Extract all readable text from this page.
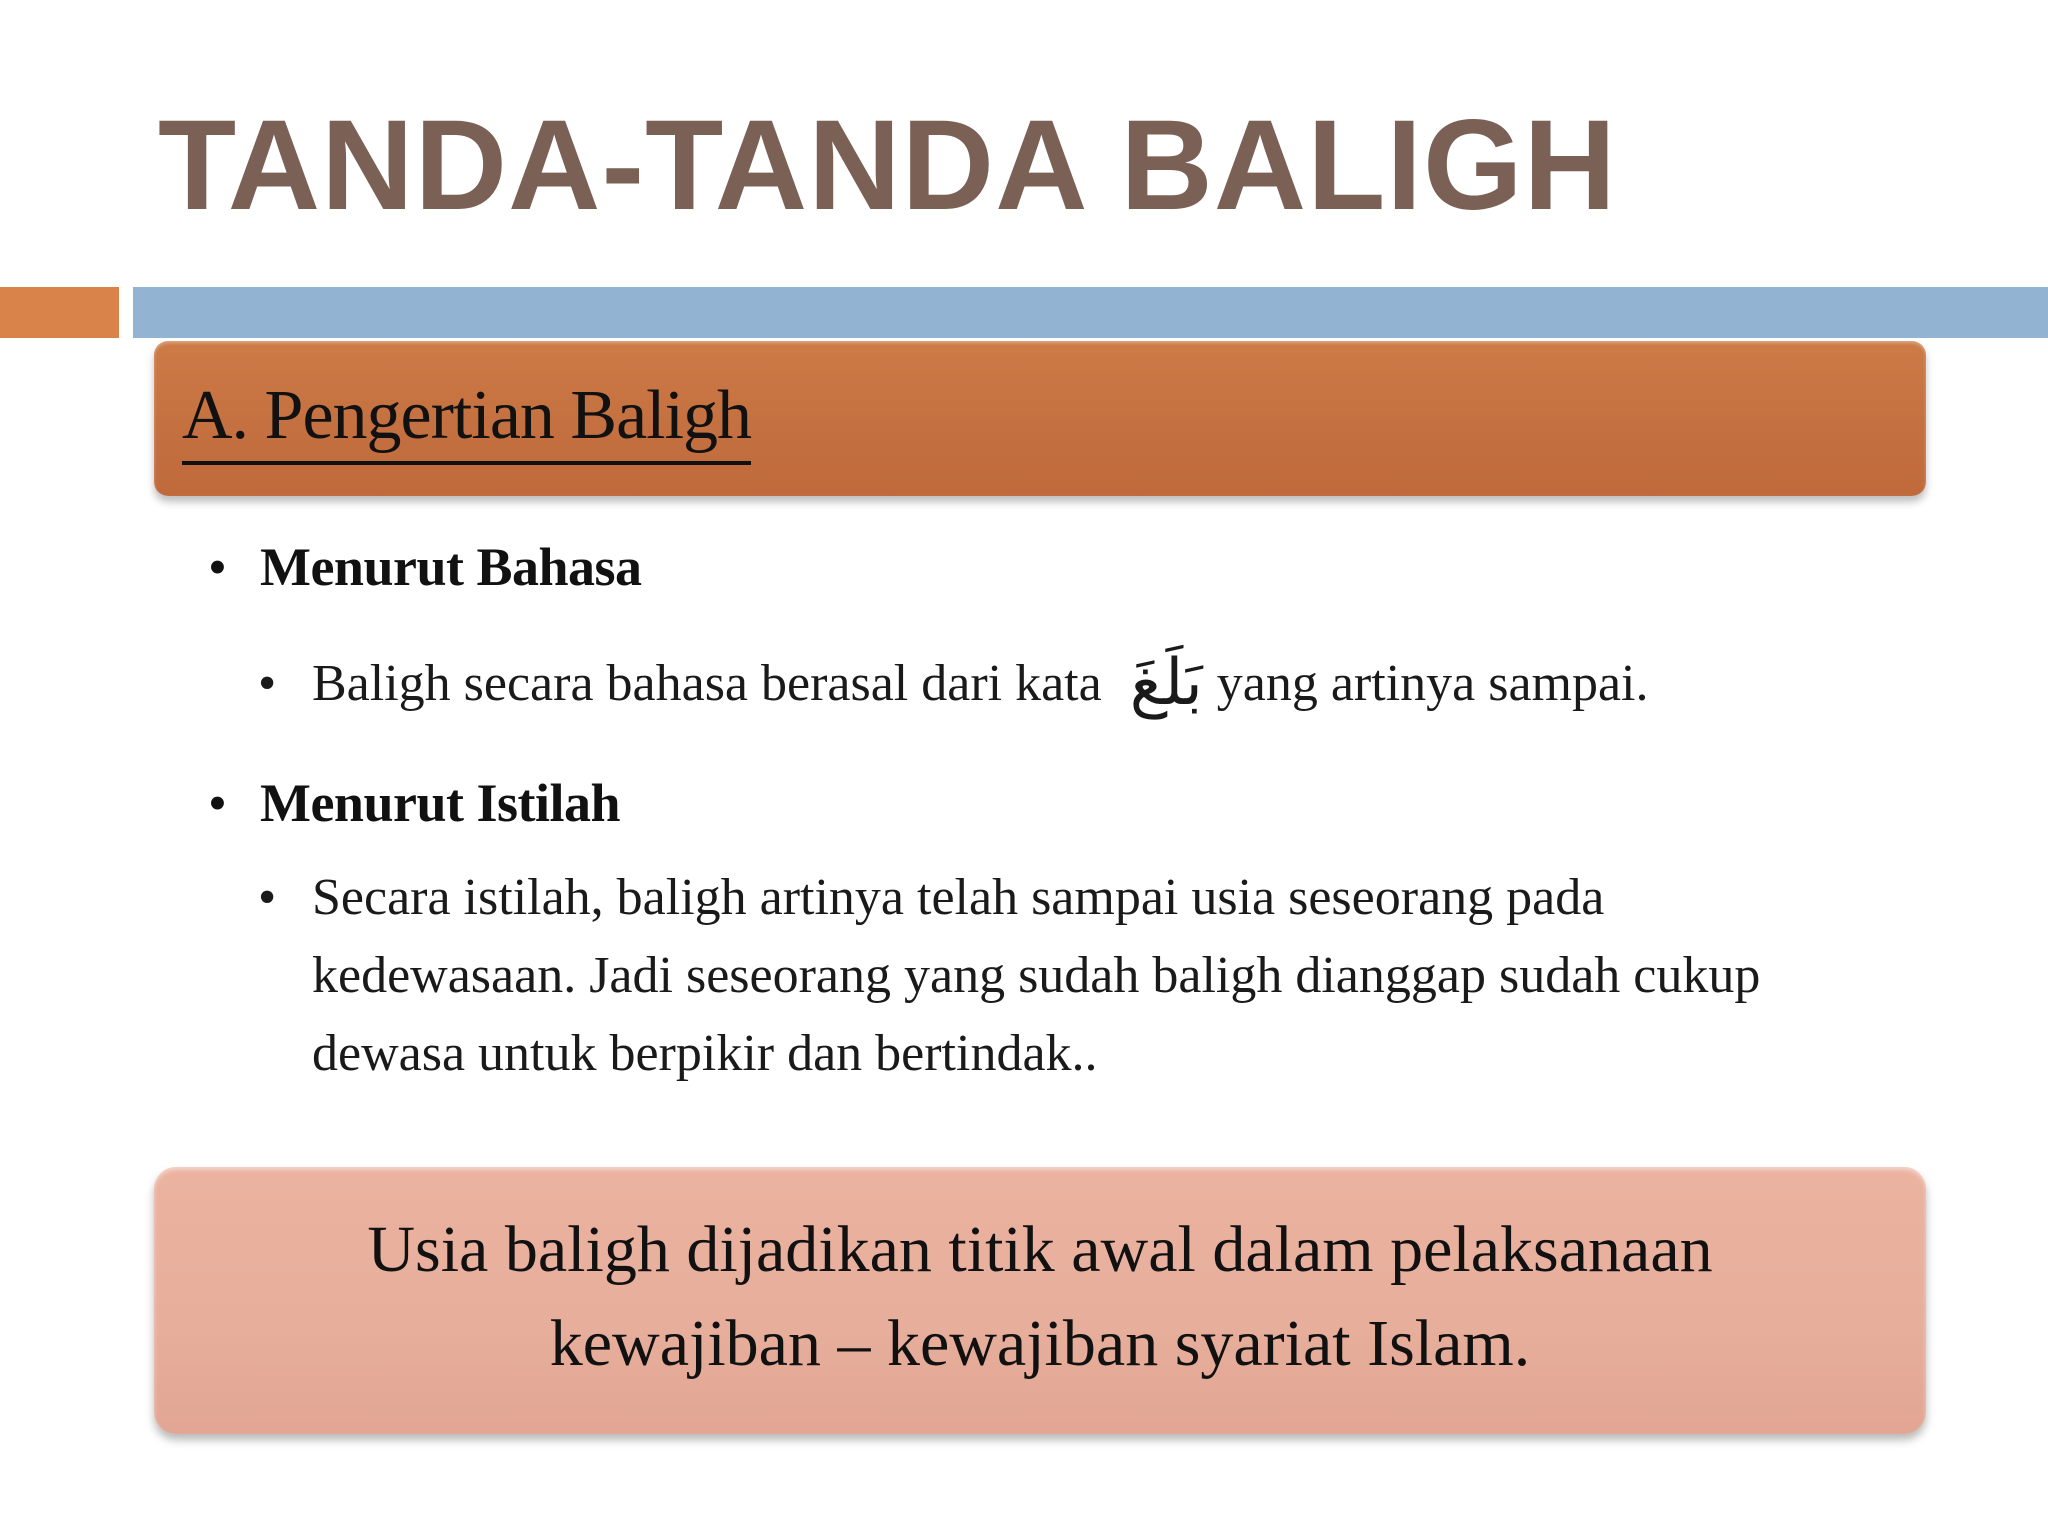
TANDA-TANDA BALIGH
A. Pengertian Baligh
• Menurut Bahasa
• Baligh secara bahasa berasal dari kata بَلَغَ yang artinya sampai.
• Menurut Istilah
• Secara istilah, baligh artinya telah sampai usia seseorang pada kedewasaan. Jadi seseorang yang sudah baligh dianggap sudah cukup dewasa untuk berpikir dan bertindak..
Usia baligh dijadikan titik awal dalam pelaksanaan kewajiban – kewajiban syariat Islam.
